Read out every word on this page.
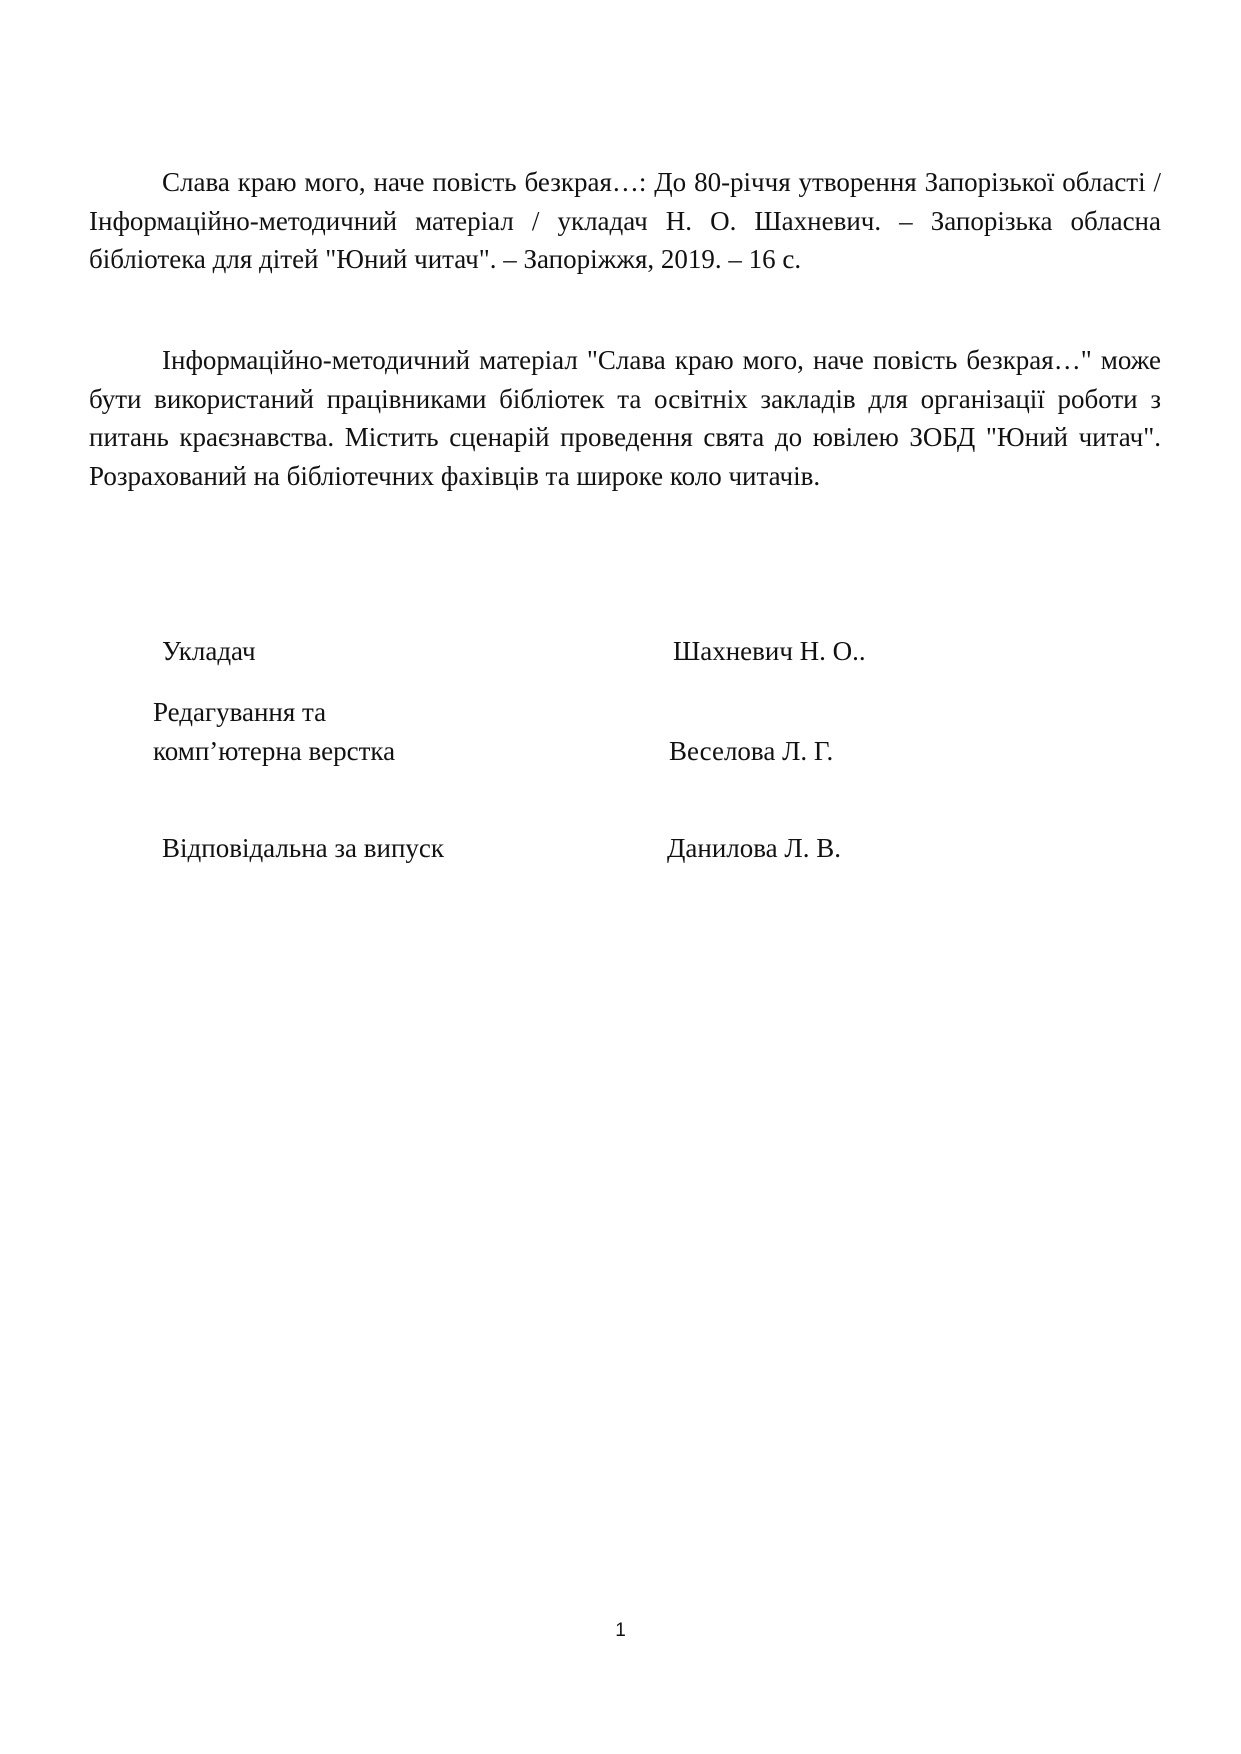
Слава краю мого, наче повість безкрая…: До 80-річчя утворення Запорізької області / Інформаційно-методичний матеріал / укладач Н. О. Шахневич. – Запорізька обласна бібліотека для дітей "Юний читач". – Запоріжжя, 2019. – 16 с.

Інформаційно-методичний матеріал "Слава краю мого, наче повість безкрая…" може бути використаний працівниками бібліотек та освітніх закладів для організації роботи з питань краєзнавства. Містить сценарій проведення свята до ювілею ЗОБД "Юний читач". Розрахований на бібліотечних фахівців та широке коло читачів.

Укладач	Шахневич Н. О..
Редагування та
комп’ютерна верстка	Веселова Л. Г.
Відповідальна за випуск	Данилова Л. В.
1
